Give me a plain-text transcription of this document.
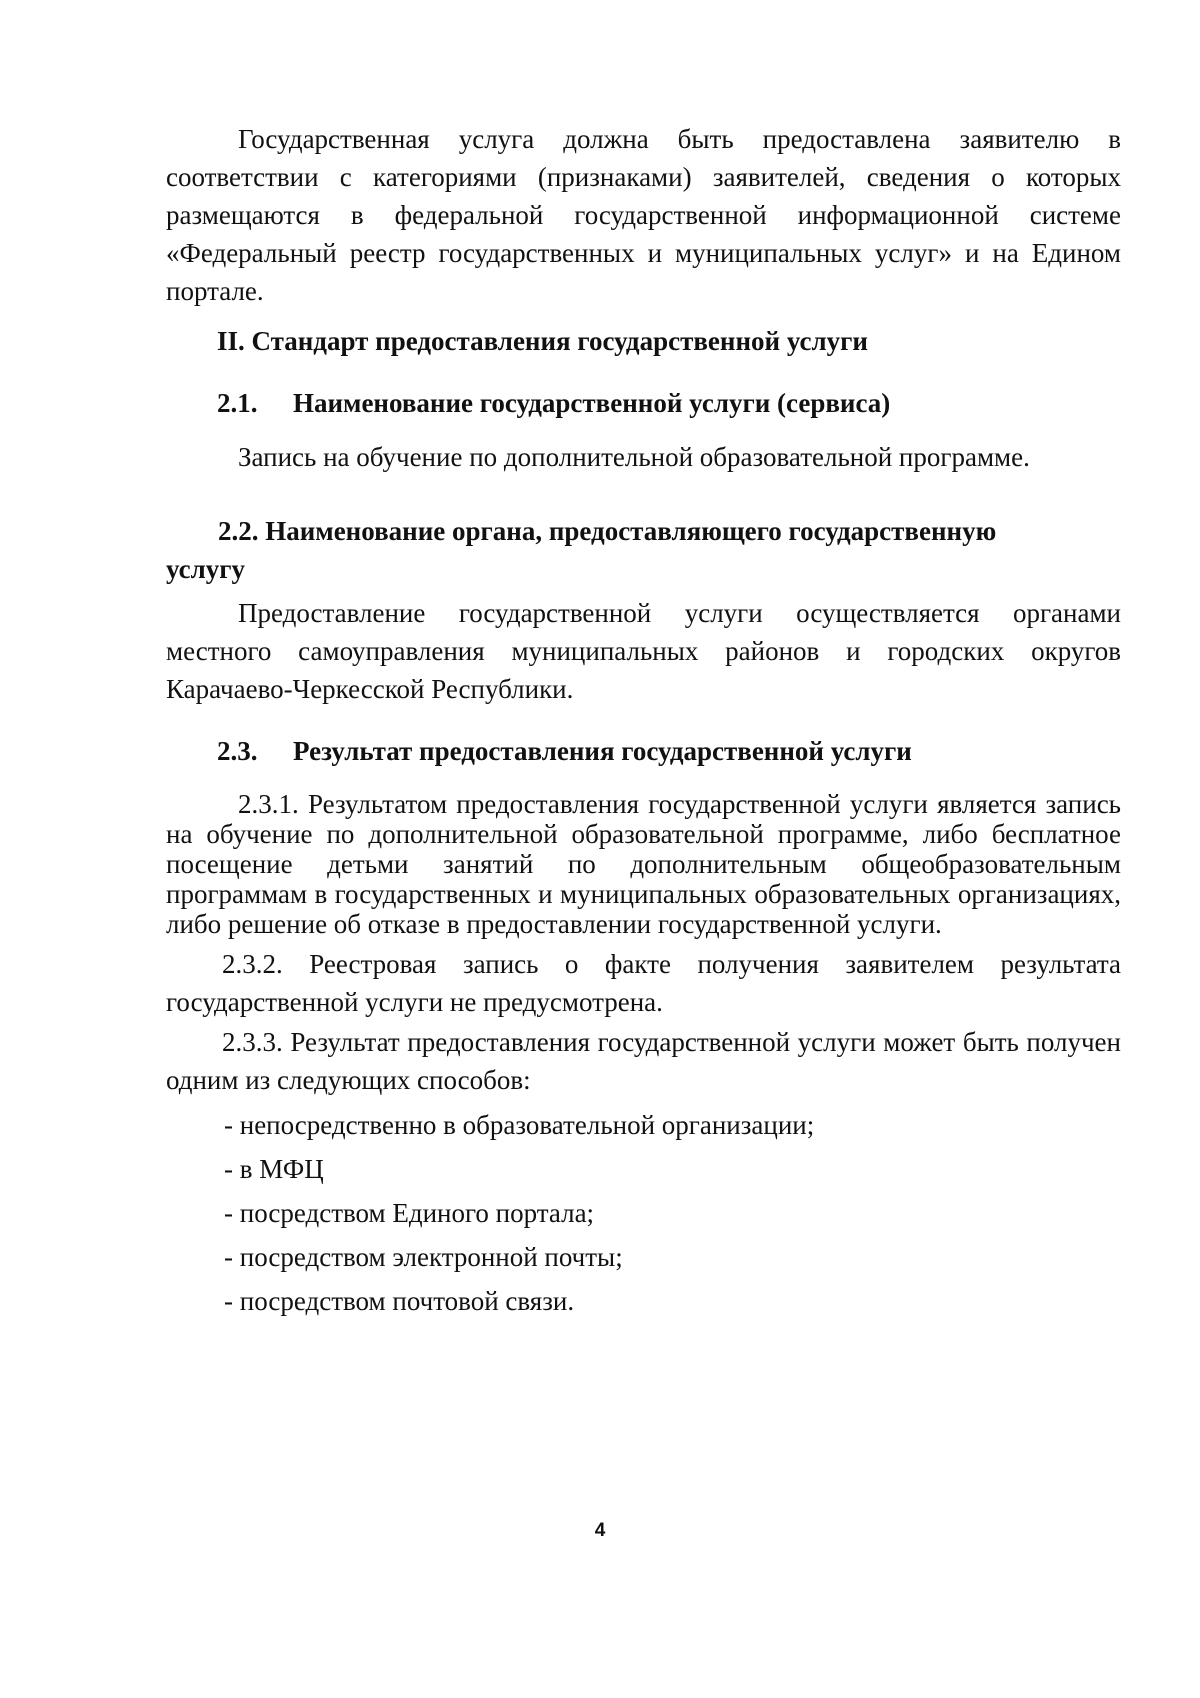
Государственная услуга должна быть предоставлена заявителю в соответствии с категориями (признаками) заявителей, сведения о которых размещаются в федеральной государственной информационной системе «Федеральный реестр государственных и муниципальных услуг» и на Едином портале.

II. Стандарт предоставления государственной услуги
2.1. Наименование государственной услуги (сервиса)

Запись на обучение по дополнительной образовательной программе.

2.2. Наименование органа, предоставляющего государственную услугу

Предоставление государственной услуги осуществляется органами местного самоуправления муниципальных районов и городских округов Карачаево-Черкесской Республики.

2.3. Результат предоставления государственной услуги

2.3.1. Результатом предоставления государственной услуги является запись на обучение по дополнительной образовательной программе, либо бесплатное посещение детьми занятий по дополнительным общеобразовательным программам в государственных и муниципальных образовательных организациях, либо решение об отказе в предоставлении государственной услуги.

2.3.2. Реестровая запись о факте получения заявителем результата государственной услуги не предусмотрена.

2.3.3. Результат предоставления государственной услуги может быть получен одним из следующих способов:

- непосредственно в образовательной организации;
- в МФЦ
- посредством Единого портала;
- посредством электронной почты;
- посредством почтовой связи.
4
